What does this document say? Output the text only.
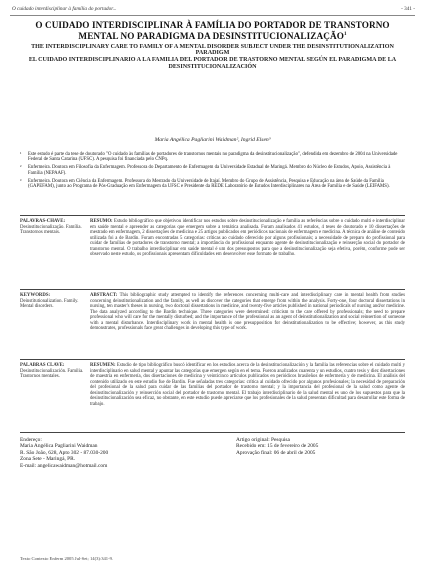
O cuidado interdisciplinar à família do portador...	- 341 -
O CUIDADO INTERDISCIPLINAR À FAMÍLIA DO PORTADOR DE TRANSTORNO MENTAL NO PARADIGMA DA DESINSTITUCIONALIZAÇÃO$^1$
THE INTERDISCIPLINARY CARE TO FAMILY OF A MENTAL DISORDER SUBJECT UNDER THE DESINSTITUTIONALIZATION PARADIGM
EL CUIDADO INTERDISCIPLINARIO A LA FAMILIA DEL PORTADOR DE TRASTORNO MENTAL SEGÚN EL PARADIGMA DE LA DESINSTITUCIONALIZACIÓN
Maria Angélica Pagliarini Waidman², Ingrid Elsen³
¹	Este estudo é parte da tese de doutorado "O cuidado às famílias de portadores de transtornos mentais no paradigma da desinstitucionalização", defendida em dezembro de 2004 na Universidade Federal de Santa Catarina (UFSC). A pesquisa foi financiada pelo CNPq.
²	Enfermeira. Doutora em Filosofia da Enfermagem. Professora do Departamento de Enfermagem da Universidade Estadual de Maringá. Membro do Núcleo de Estudos, Apoio, Assistência à Família (NEPAAF).
³	Enfermeira. Doutora em Ciência da Enfermagem. Professora do Mestrado da Universidade de Itajaí. Membro do Grupo de Assistência, Pesquisa e Educação na área de Saúde da Família (GAPEFAM), junto ao Programa de Pós-Graduação em Enfermagem da UFSC e Presidente da REDE Laboratório de Estudos Interdisciplinares na Área de Família e de Saúde (LEIFAMS).
PALAVRAS-CHAVE: Desinstitucionalização. Família. Transtornos mentais.
RESUMO: Estudo bibliográfico que objetivou identificar nos estudos sobre desinstitucionalização e família as referências sobre o cuidado multi e interdisciplinar em saúde mental e apreender as categorias que emergem sobre a temática analisada. Foram analisados 41 estudos, 4 teses de doutorado e 10 dissertações de mestrado em enfermagem, 2 dissertações de medicina e 25 artigos publicados em periódicos nacionais de enfermagem e medicina. A técnica de análise de conteúdo utilizada foi a de Bardin. Foram encontradas 5 categorias: críticas ao cuidado oferecido por alguns profissionais; a necessidade de preparo do profissional para cuidar de famílias de portadores de transtorno mental; a importância do profissional enquanto agente de desinstitucionalização e reinserção social do portador de transtorno mental. O trabalho interdisciplinar em saúde mental é um dos pressupostos para que a desinstitucionalização seja efetiva, porém, conforme pode ser observado neste estudo, os profissionais apresentam dificuldades em desenvolver esse formato de trabalho.
KEYWORDS: Deinstitutionalization. Family. Mental disorders.
ABSTRACT: This bibliographic study attempted to identify the references concerning multi-care and interdisciplinary care in mental health from studies concerning deinstitutionalization and the family, as well as discover the categories that emerge from within the analysis. Forty-one, four doctoral dissertations in nursing, ten master's theses in nursing, two doctoral dissertations in medicine, and twenty-five articles published in national periodicals of nursing and/or medicine. The data analyzed according to the Bardin technique. Three categories were determined: criticism to the care offered by professionals; the need to prepare professional who will care for the mentally disturbed; and the importance of the professional as an agent of deinstitutionalization and social reinsertion of someone with a mental disturbance. Interdisciplinary work in mental health is one presupposition for deinstitutionalization to be effective; however, as this study demonstrates, professionals face great challenges in developing this type of work.
PALABRAS CLAVE: Desinstitucionalización. Familia. Trastornos mentales.
RESUMEN: Estudio de tipo bibliográfico buscó identificar en los estudios acerca de la desinstitucionalización y la familia las referencias sobre el cuidado multi y interdisciplinario en salud mental y apuntar las categorías que emergen según en el tema. Fueron analizados cuarenta y un estudios, cuatro tesis y diez disertaciones de maestría en enfermería, dos disertaciones de medicina y veinticinco artículos publicados en periódicos brasileños de enfermería y de medicina. El análisis del contenido utilizado en este estudio fue de Bardin. Fue señaladas tres categorías: crítica al cuidado ofrecido por algunos profesionales; la necesidad de preparación del profesional de la salud para cuidar de las familias del portador de trastorno mental; y la importancia del profesional de la salud como agente de desinstitucionalización y reinserción social del portador de trastorno mental. El trabajo interdisciplinario de la salud mental es uno de los supuestos para que la desinstitucionalización sea eficaz, no obstante, en este estudio puede apreciarse que los profesionales de la salud presentan dificultad para desarrollar este forma de trabajo.
Endereço:
Maria Angélica Pagliarini Waidman
R. São João, 628, Apto 302 - 87.030-200
Zona Sete - Maringá, PR.
E-mail: angelicawaidman@hotmail.com
Artigo original: Pesquisa
Recebido em: 15 de fevereiro de 2005
Aprovação final: 06 de abril de 2005
Texto Contexto Enferm 2005 Jul-Set; 14(3):341-9.
